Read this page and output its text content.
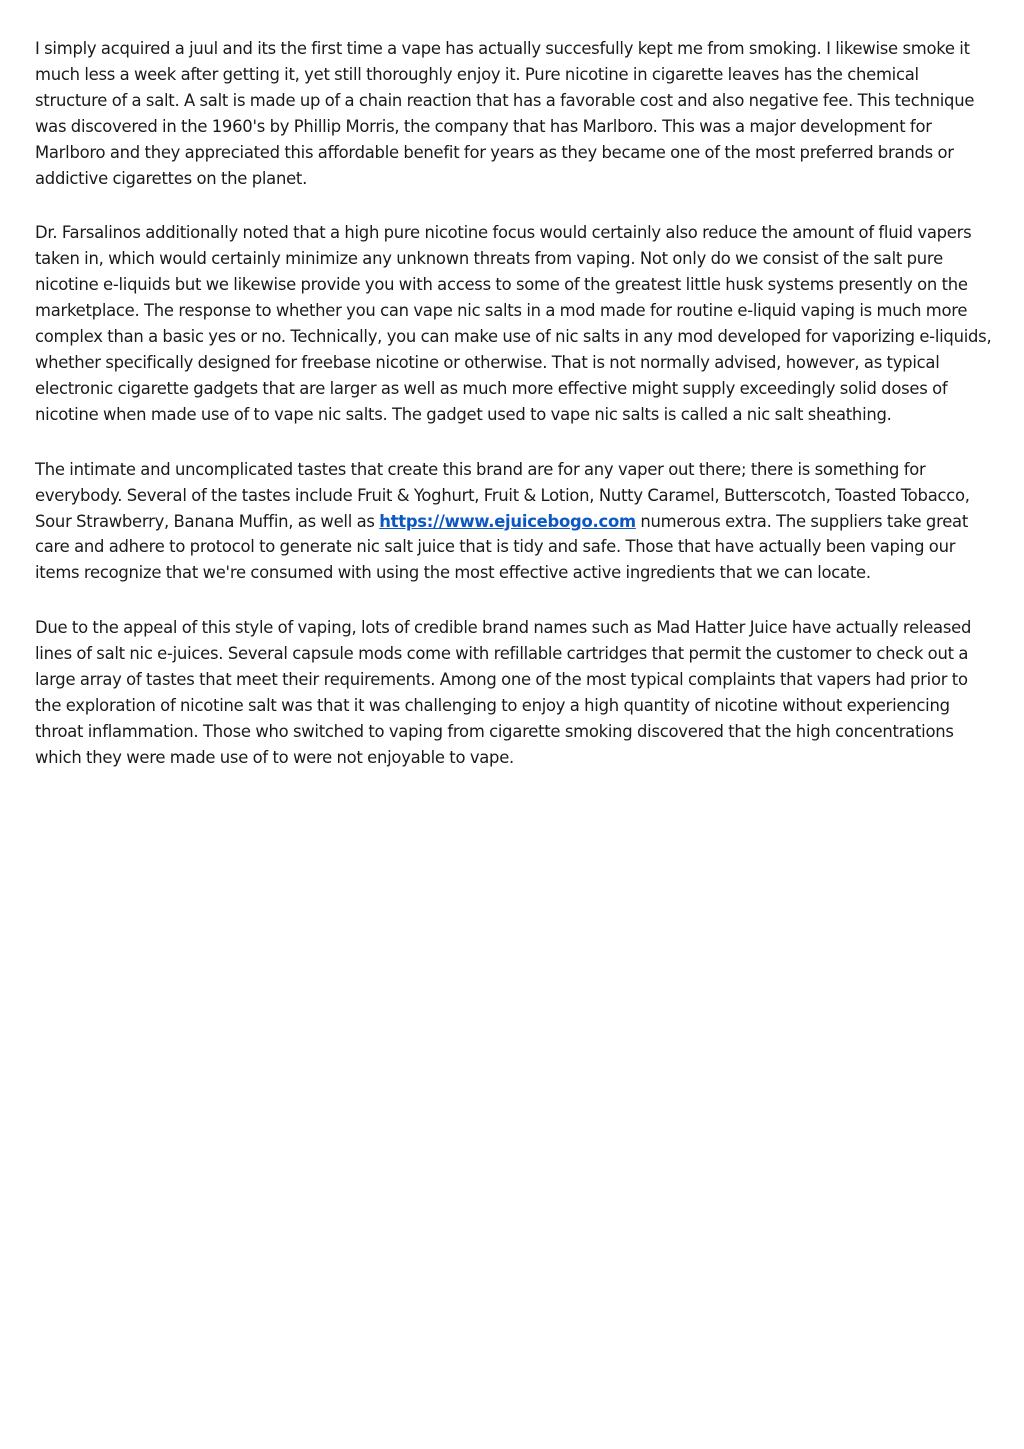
I simply acquired a juul and its the first time a vape has actually succesfully kept me from smoking. I likewise smoke it much less a week after getting it, yet still thoroughly enjoy it. Pure nicotine in cigarette leaves has the chemical structure of a salt. A salt is made up of a chain reaction that has a favorable cost and also negative fee. This technique was discovered in the 1960's by Phillip Morris, the company that has Marlboro. This was a major development for Marlboro and they appreciated this affordable benefit for years as they became one of the most preferred brands or addictive cigarettes on the planet.

Dr. Farsalinos additionally noted that a high pure nicotine focus would certainly also reduce the amount of fluid vapers taken in, which would certainly minimize any unknown threats from vaping. Not only do we consist of the salt pure nicotine e-liquids but we likewise provide you with access to some of the greatest little husk systems presently on the marketplace. The response to whether you can vape nic salts in a mod made for routine e-liquid vaping is much more complex than a basic yes or no. Technically, you can make use of nic salts in any mod developed for vaporizing e-liquids, whether specifically designed for freebase nicotine or otherwise. That is not normally advised, however, as typical electronic cigarette gadgets that are larger as well as much more effective might supply exceedingly solid doses of nicotine when made use of to vape nic salts. The gadget used to vape nic salts is called a nic salt sheathing.

The intimate and uncomplicated tastes that create this brand are for any vaper out there; there is something for everybody. Several of the tastes include Fruit & Yoghurt, Fruit & Lotion, Nutty Caramel, Butterscotch, Toasted Tobacco, Sour Strawberry, Banana Muffin, as well as https://www.ejuicebogo.com numerous extra. The suppliers take great care and adhere to protocol to generate nic salt juice that is tidy and safe. Those that have actually been vaping our items recognize that we're consumed with using the most effective active ingredients that we can locate.

Due to the appeal of this style of vaping, lots of credible brand names such as Mad Hatter Juice have actually released lines of salt nic e-juices. Several capsule mods come with refillable cartridges that permit the customer to check out a large array of tastes that meet their requirements. Among one of the most typical complaints that vapers had prior to the exploration of nicotine salt was that it was challenging to enjoy a high quantity of nicotine without experiencing throat inflammation. Those who switched to vaping from cigarette smoking discovered that the high concentrations which they were made use of to were not enjoyable to vape.
